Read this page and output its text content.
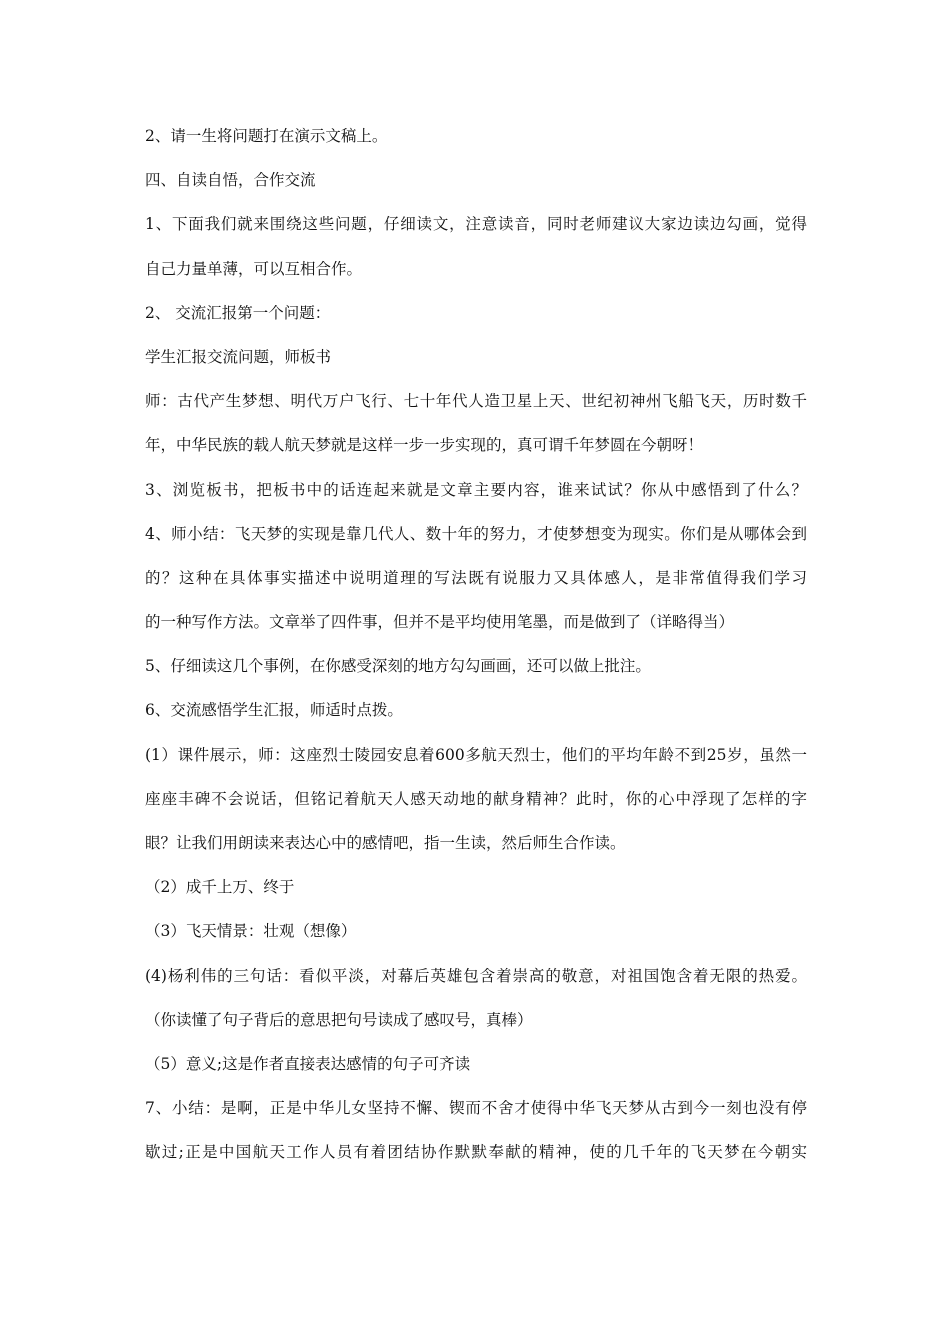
2、请一生将问题打在演示文稿上。
四、自读自悟，合作交流
1、下面我们就来围绕这些问题，仔细读文，注意读音，同时老师建议大家边读边勾画，觉得
自己力量单薄，可以互相合作。
2、 交流汇报第一个问题：
学生汇报交流问题，师板书
师：古代产生梦想、明代万户飞行、七十年代人造卫星上天、世纪初神州飞船飞天，历时数千
年，中华民族的载人航天梦就是这样一步一步实现的，真可谓千年梦圆在今朝呀！
3、浏览板书，把板书中的话连起来就是文章主要内容，谁来试试？你从中感悟到了什么？
4、师小结：飞天梦的实现是靠几代人、数十年的努力，才使梦想变为现实。你们是从哪体会到
的？这种在具体事实描述中说明道理的写法既有说服力又具体感人，是非常值得我们学习
的一种写作方法。文章举了四件事，但并不是平均使用笔墨，而是做到了（详略得当）
5、仔细读这几个事例，在你感受深刻的地方勾勾画画，还可以做上批注。
6、交流感悟学生汇报，师适时点拨。
(1）课件展示，师：这座烈士陵园安息着600多航天烈士，他们的平均年龄不到25岁，虽然一
座座丰碑不会说话，但铭记着航天人感天动地的献身精神？此时，你的心中浮现了怎样的字
眼？让我们用朗读来表达心中的感情吧，指一生读，然后师生合作读。
（2）成千上万、终于
（3）飞天情景：壮观（想像）
(4)杨利伟的三句话：看似平淡，对幕后英雄包含着崇高的敬意，对祖国饱含着无限的热爱。
（你读懂了句子背后的意思把句号读成了感叹号，真棒）
（5）意义;这是作者直接表达感情的句子可齐读
7、小结：是啊，正是中华儿女坚持不懈、锲而不舍才使得中华飞天梦从古到今一刻也没有停
歇过;正是中国航天工作人员有着团结协作默默奉献的精神，使的几千年的飞天梦在今朝实
